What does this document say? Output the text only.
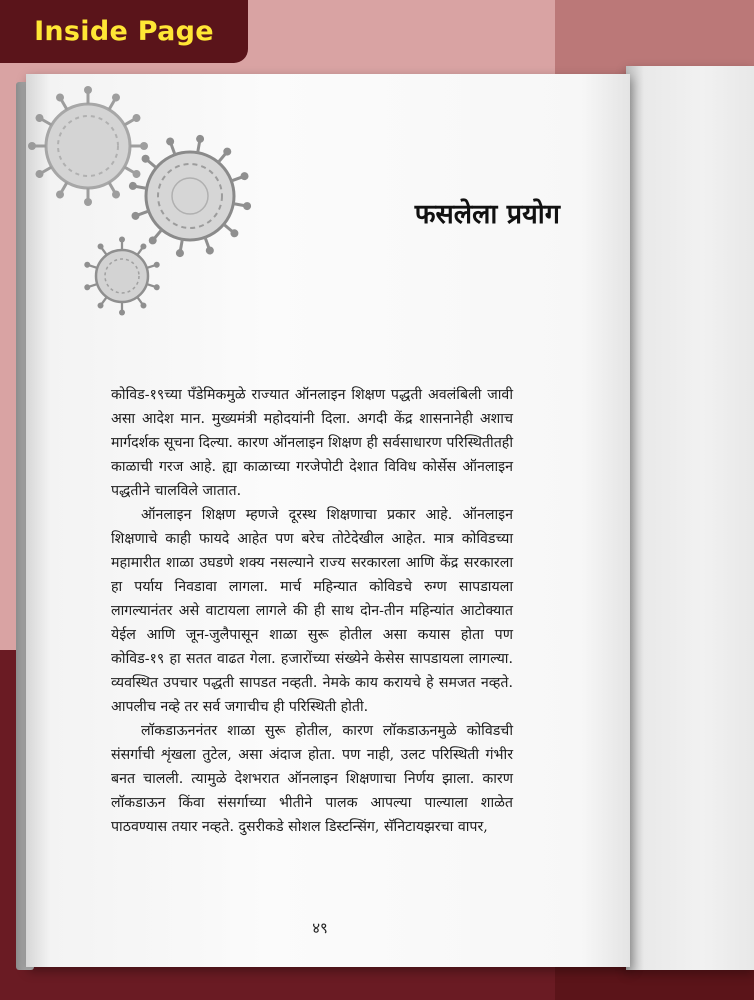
Inside Page
फसलेला प्रयोग

कोविड-१९च्या पँडेमिकमुळे राज्यात ऑनलाइन शिक्षण पद्धती अवलंबिली जावी असा आदेश मान. मुख्यमंत्री महोदयांनी दिला. अगदी केंद्र शासनानेही अशाच मार्गदर्शक सूचना दिल्या. कारण ऑनलाइन शिक्षण ही सर्वसाधारण परिस्थितीतही काळाची गरज आहे. ह्या काळाच्या गरजेपोटी देशात विविध कोर्सेस ऑनलाइन पद्धतीने चालविले जातात.

ऑनलाइन शिक्षण म्हणजे दूरस्थ शिक्षणाचा प्रकार आहे. ऑनलाइन शिक्षणाचे काही फायदे आहेत पण बरेच तोटेदेखील आहेत. मात्र कोविडच्या महामारीत शाळा उघडणे शक्य नसल्याने राज्य सरकारला आणि केंद्र सरकारला हा पर्याय निवडावा लागला. मार्च महिन्यात कोविडचे रुग्ण सापडायला लागल्यानंतर असे वाटायला लागले की ही साथ दोन-तीन महिन्यांत आटोक्यात येईल आणि जून-जुलैपासून शाळा सुरू होतील असा कयास होता पण कोविड-१९ हा सतत वाढत गेला. हजारोंच्या संख्येने केसेस सापडायला लागल्या. व्यवस्थित उपचार पद्धती सापडत नव्हती. नेमके काय करायचे हे समजत नव्हते. आपलीच नव्हे तर सर्व जगाचीच ही परिस्थिती होती.

लॉकडाऊननंतर शाळा सुरू होतील, कारण लॉकडाऊनमुळे कोविडची संसर्गाची शृंखला तुटेल, असा अंदाज होता. पण नाही, उलट परिस्थिती गंभीर बनत चालली. त्यामुळे देशभरात ऑनलाइन शिक्षणाचा निर्णय झाला. कारण लॉकडाऊन किंवा संसर्गाच्या भीतीने पालक आपल्या पाल्याला शाळेत पाठवण्यास तयार नव्हते. दुसरीकडे सोशल डिस्टन्सिंग, सॅनिटायझरचा वापर,

४९
